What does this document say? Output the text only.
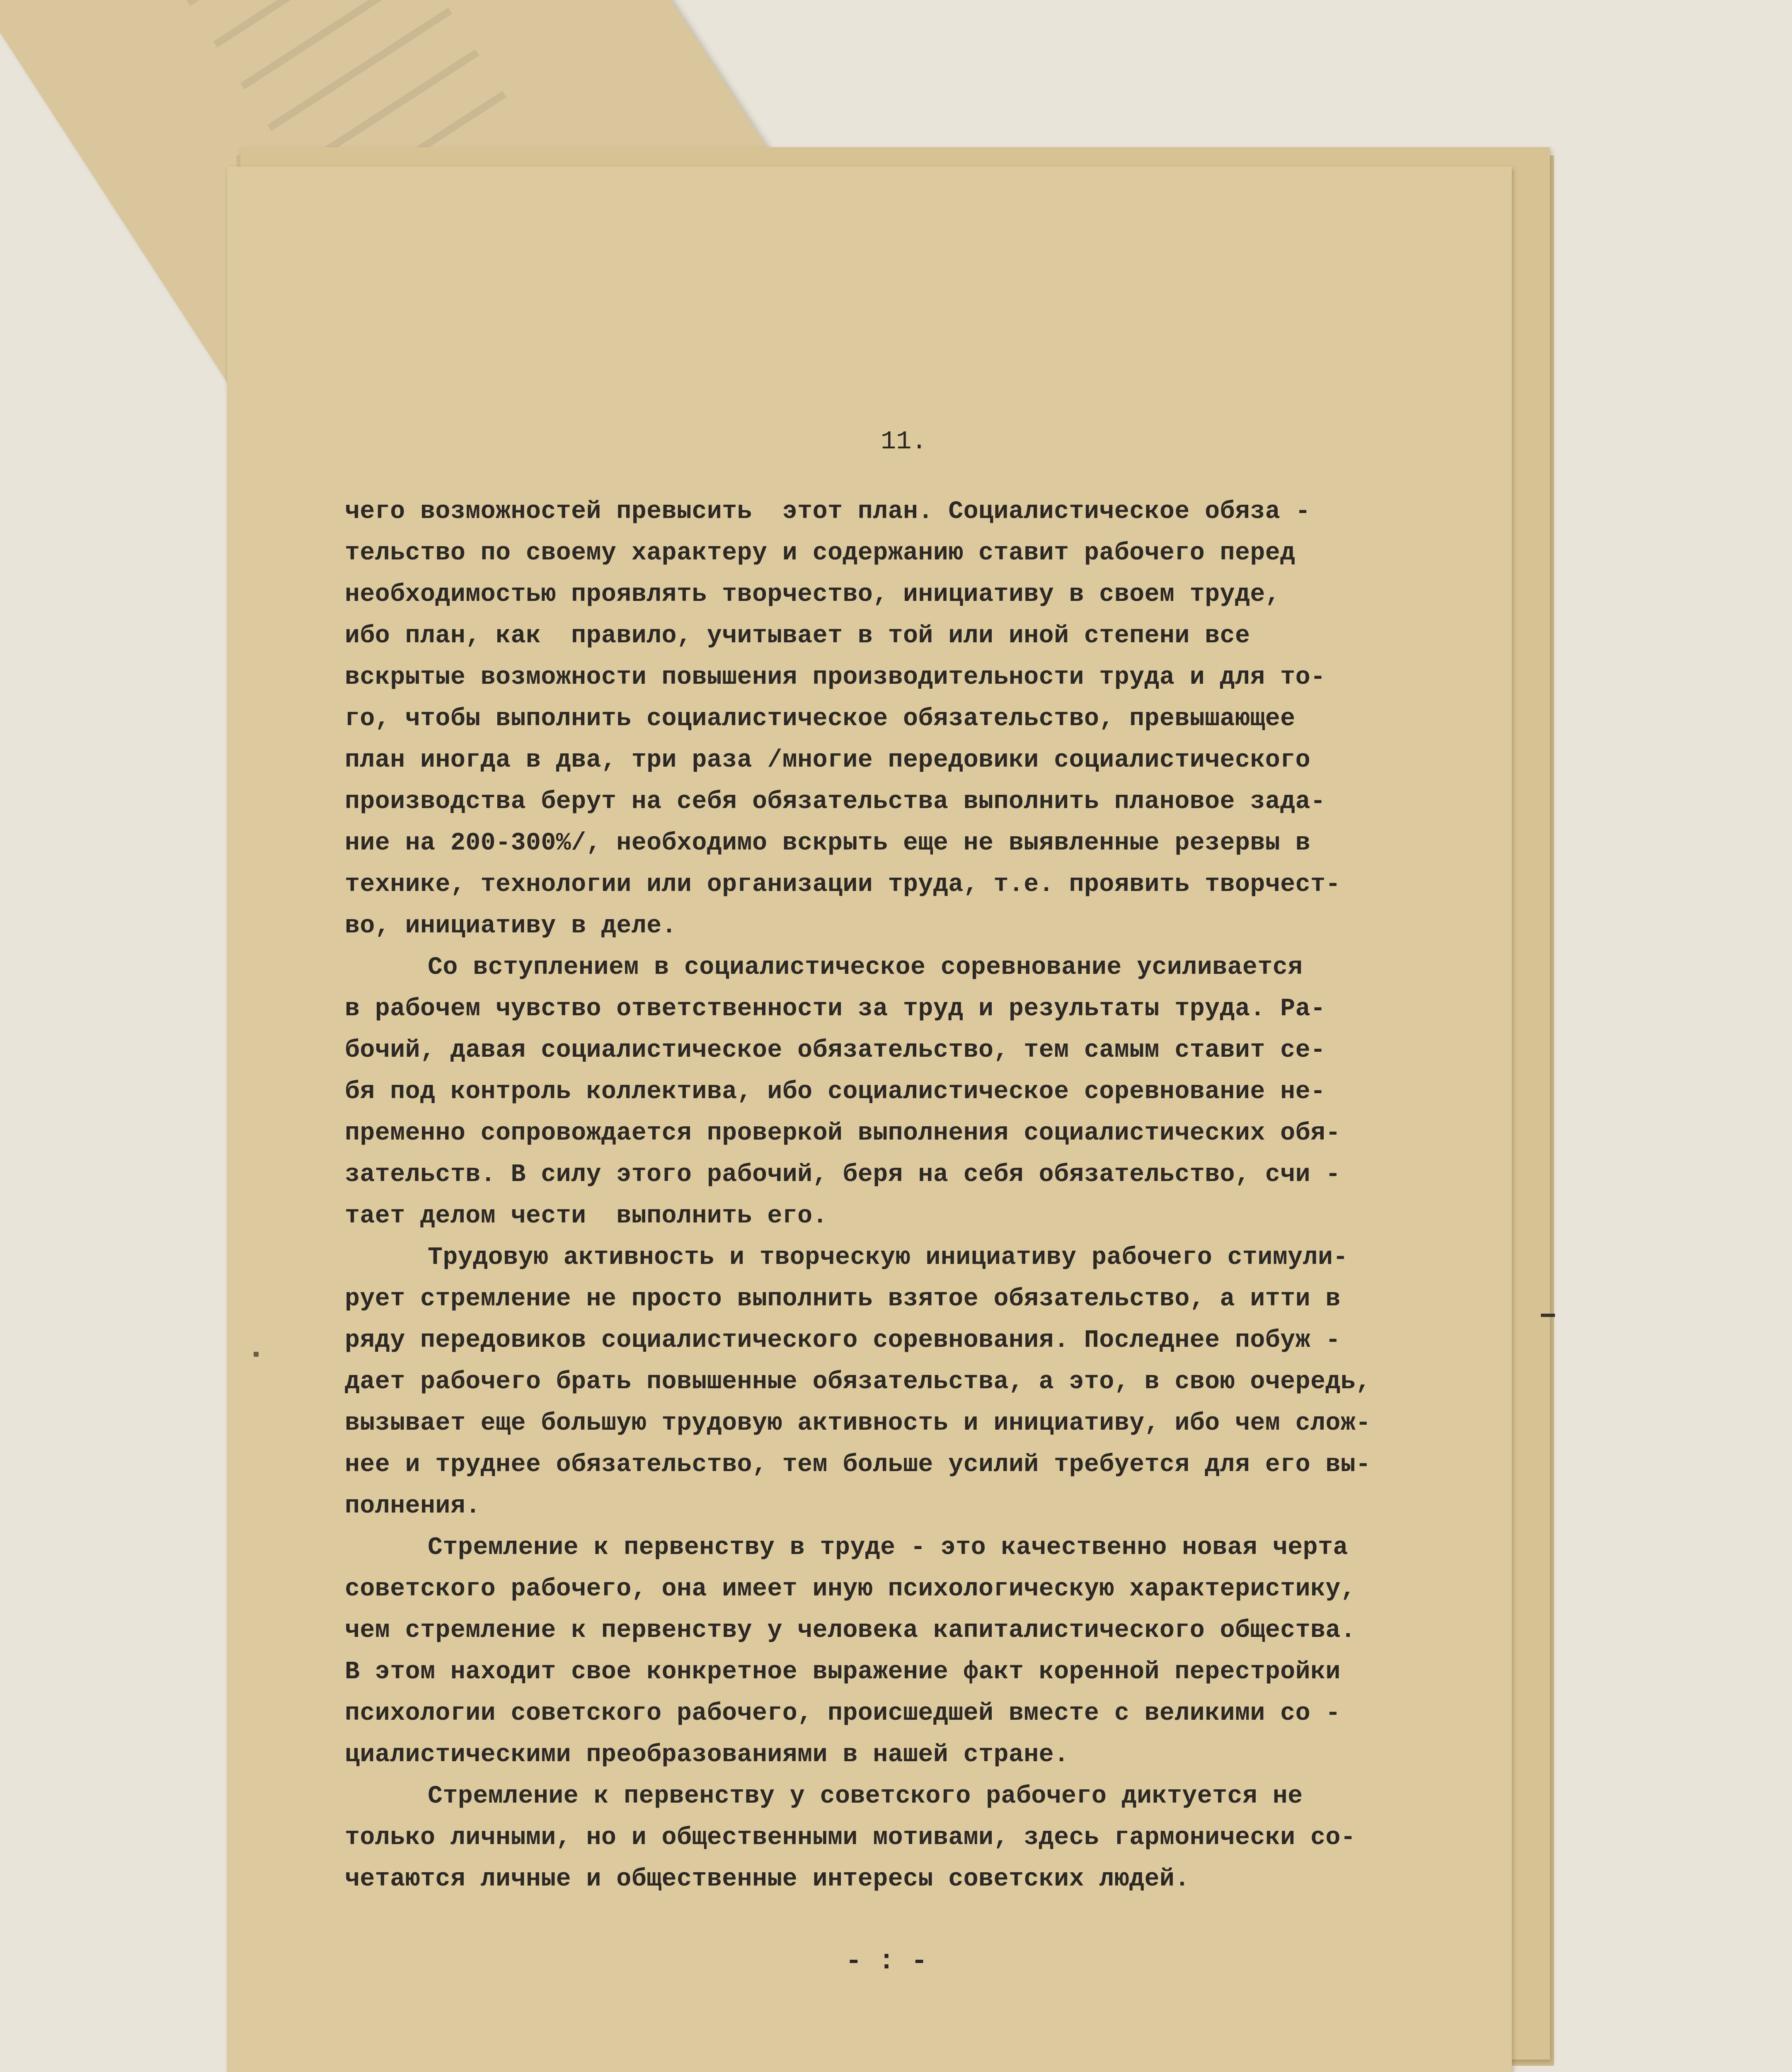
11.
чего возможностей превысить  этот план. Социалистическое обяза -
тельство по своему характеру и содержанию ставит рабочего перед
необходимостью проявлять творчество, инициативу в своем труде,
ибо план, как  правило, учитывает в той или иной степени все
вскрытые возможности повышения производительности труда и для то-
го, чтобы выполнить социалистическое обязательство, превышающее
план иногда в два, три раза /многие передовики социалистического
производства берут на себя обязательства выполнить плановое зада-
ние на 200-300%/, необходимо вскрыть еще не выявленные резервы в
технике, технологии или организации труда, т.е. проявить творчест-
во, инициативу в деле.
Со вступлением в социалистическое соревнование усиливается
в рабочем чувство ответственности за труд и результаты труда. Ра-
бочий, давая социалистическое обязательство, тем самым ставит се-
бя под контроль коллектива, ибо социалистическое соревнование не-
пременно сопровождается проверкой выполнения социалистических обя-
зательств. В силу этого рабочий, беря на себя обязательство, счи -
тает делом чести  выполнить его.
Трудовую активность и творческую инициативу рабочего стимули-
рует стремление не просто выполнить взятое обязательство, а итти в
ряду передовиков социалистического соревнования. Последнее побуж -
дает рабочего брать повышенные обязательства, а это, в свою очередь,
вызывает еще большую трудовую активность и инициативу, ибо чем слож-
нее и труднее обязательство, тем больше усилий требуется для его вы-
полнения.
Стремление к первенству в труде - это качественно новая черта
советского рабочего, она имеет иную психологическую характеристику,
чем стремление к первенству у человека капиталистического общества.
В этом находит свое конкретное выражение факт коренной перестройки
психологии советского рабочего, происшедшей вместе с великими со -
циалистическими преобразованиями в нашей стране.
Стремление к первенству у советского рабочего диктуется не
только личными, но и общественными мотивами, здесь гармонически со-
четаются личные и общественные интересы советских людей.
- : -
